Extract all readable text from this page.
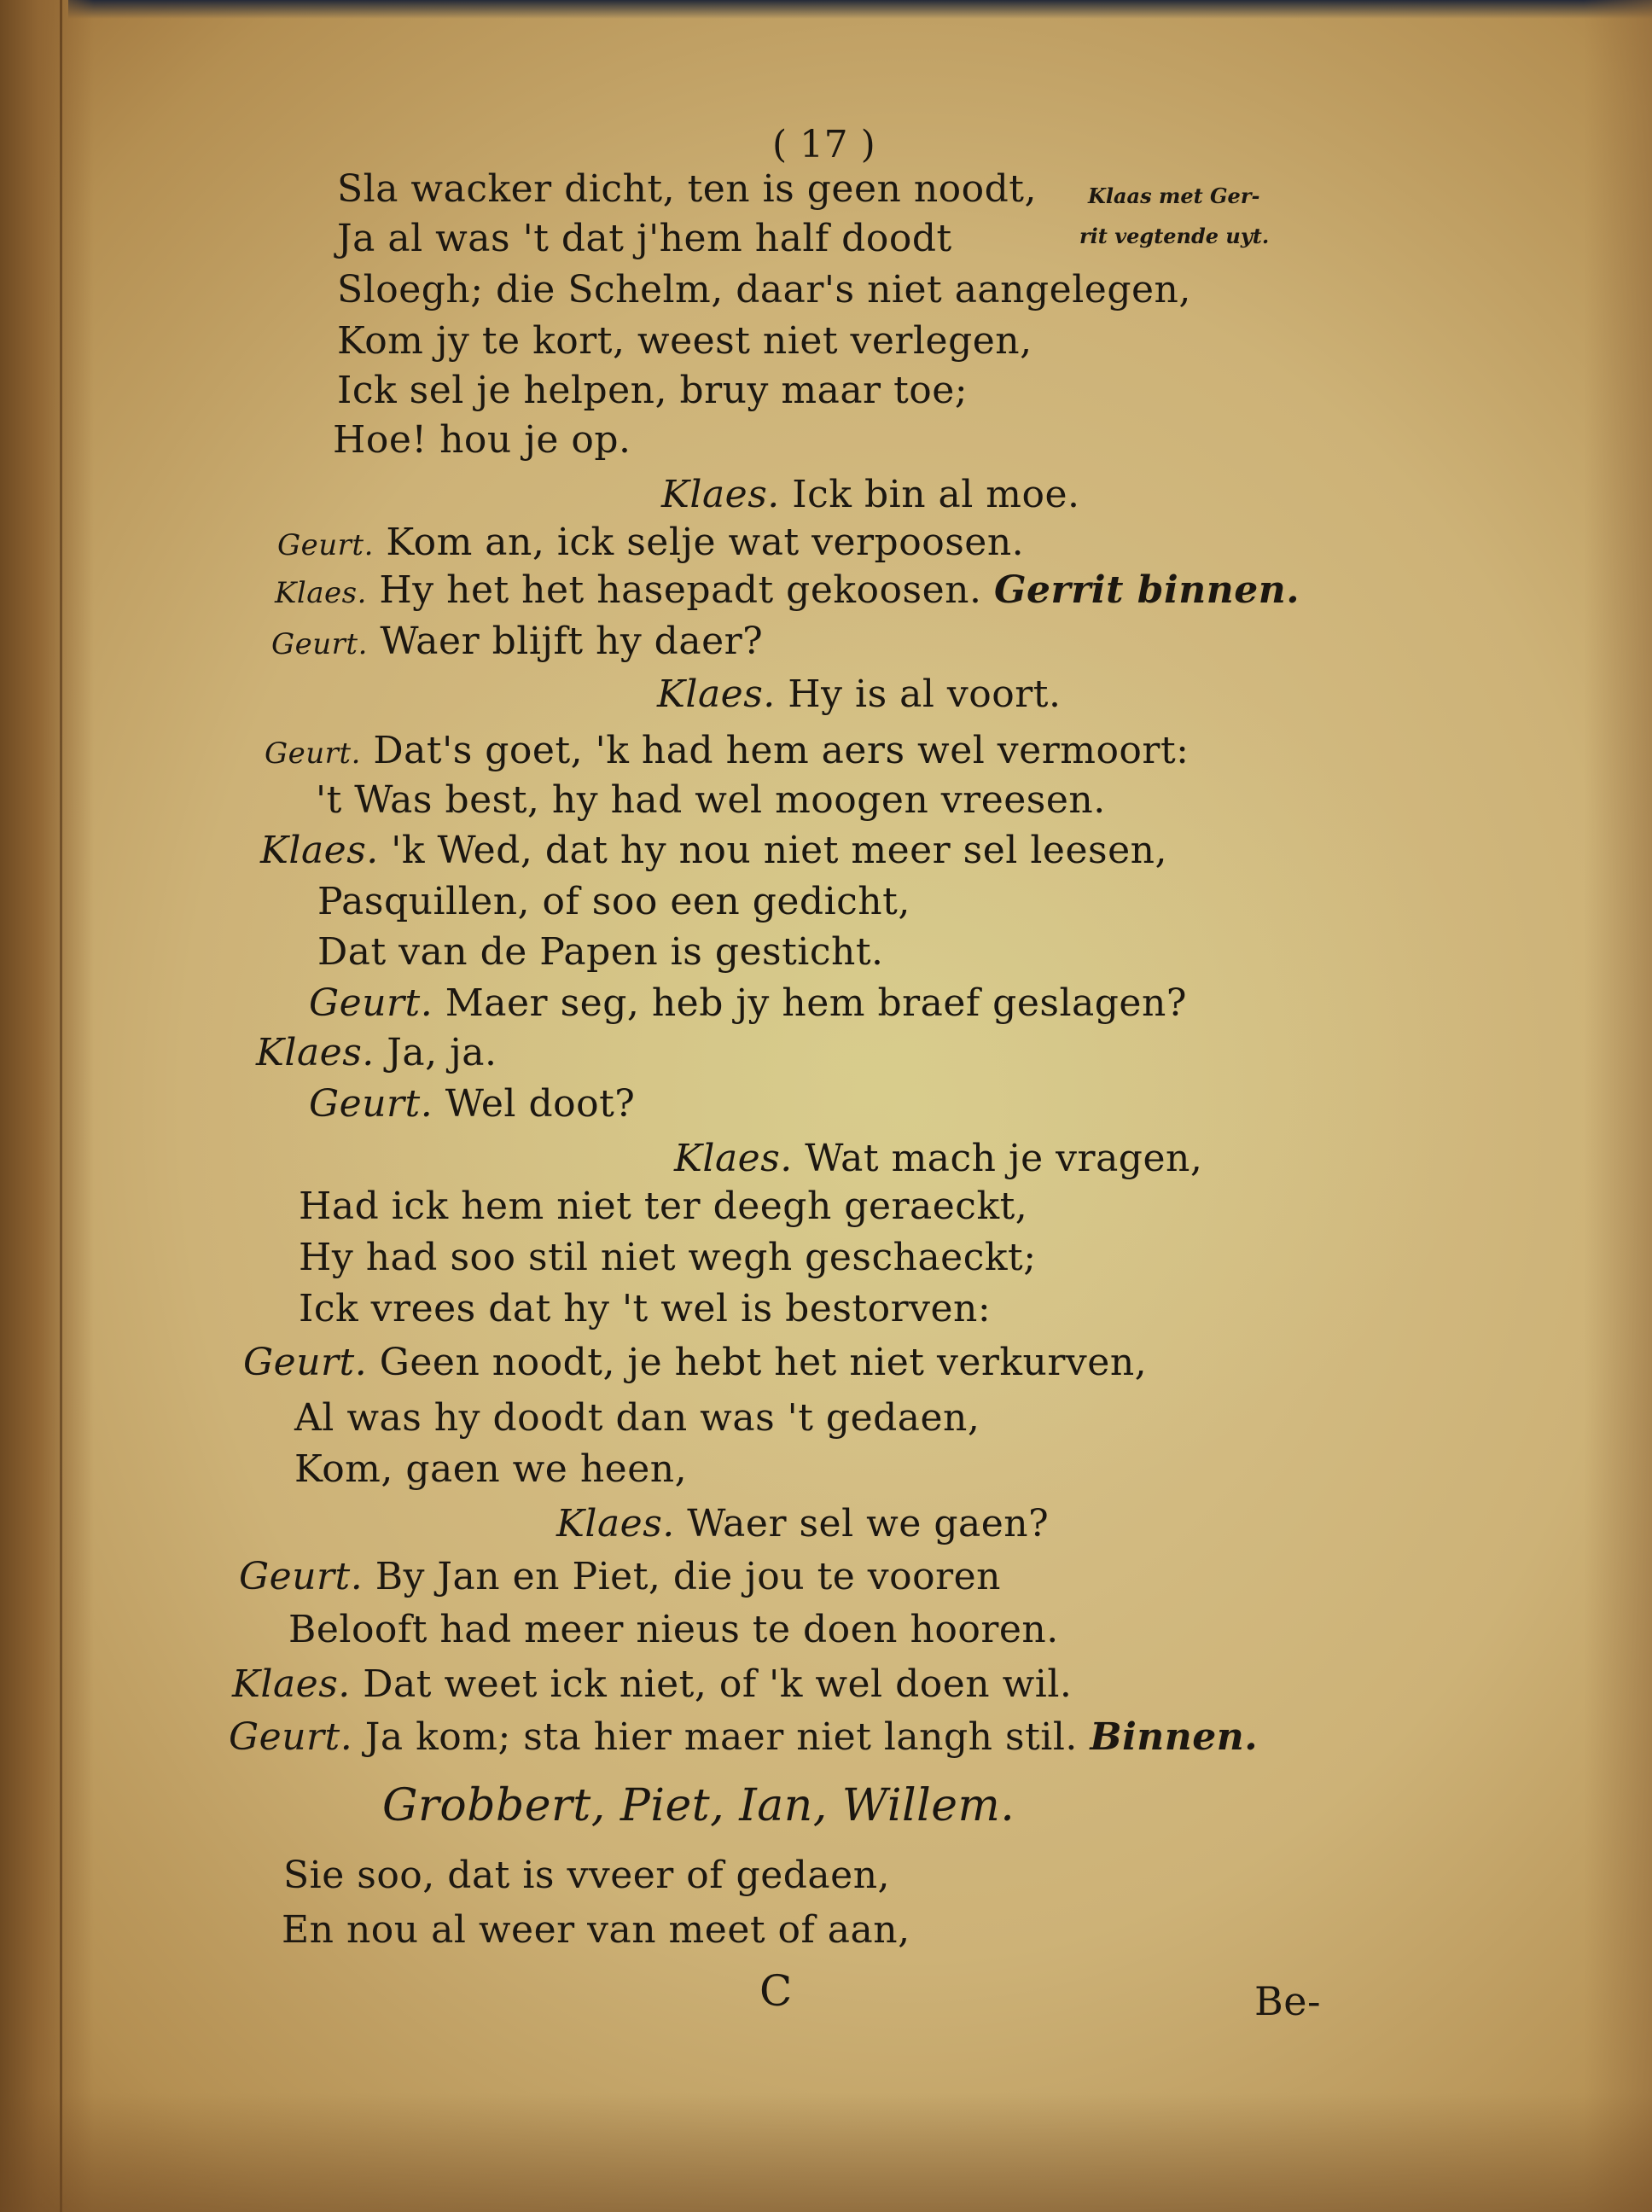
( 17 )
Klaas met Ger-
rit vegtende uyt.
Sla wacker dicht, ten is geen noodt,
Ja al was 't dat j'hem half doodt
Sloegh; die Schelm, daar's niet aangelegen,
Kom jy te kort, weest niet verlegen,
Ick sel je helpen, bruy maar toe;
Hoe! hou je op.
Klaes. Ick bin al moe.
Geurt. Kom an, ick selje wat verpoosen.
Klaes. Hy het het hasepadt gekoosen. Gerrit binnen.
Geurt. Waer blijft hy daer?
Klaes. Hy is al voort.
Geurt. Dat's goet, 'k had hem aers wel vermoort:
't Was best, hy had wel moogen vreesen.
Klaes. 'k Wed, dat hy nou niet meer sel leesen,
Pasquillen, of soo een gedicht,
Dat van de Papen is gesticht.
Geurt. Maer seg, heb jy hem braef geslagen?
Klaes. Ja, ja.
Geurt. Wel doot?
Klaes. Wat mach je vragen,
Had ick hem niet ter deegh geraeckt,
Hy had soo stil niet wegh geschaeckt;
Ick vrees dat hy 't wel is bestorven:
Geurt. Geen noodt, je hebt het niet verkurven,
Al was hy doodt dan was 't gedaen,
Kom, gaen we heen,
Klaes. Waer sel we gaen?
Geurt. By Jan en Piet, die jou te vooren
Belooft had meer nieus te doen hooren.
Klaes. Dat weet ick niet, of 'k wel doen wil.
Geurt. Ja kom; sta hier maer niet langh stil. Binnen.
Grobbert, Piet, Ian, Willem.
Sie soo, dat is vveer of gedaen,
En nou al weer van meet of aan,
C	Be-
